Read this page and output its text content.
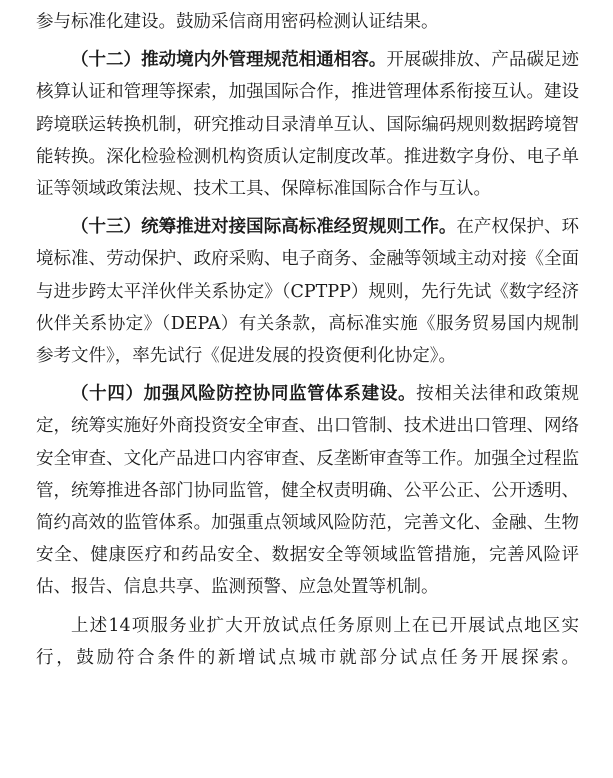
参与标准化建设。鼓励采信商用密码检测认证结果。

（十二）推动境内外管理规范相通相容。开展碳排放、产品碳足迹核算认证和管理等探索，加强国际合作，推进管理体系衔接互认。建设跨境联运转换机制，研究推动目录清单互认、国际编码规则数据跨境智能转换。深化检验检测机构资质认定制度改革。推进数字身份、电子单证等领域政策法规、技术工具、保障标准国际合作与互认。

（十三）统筹推进对接国际高标准经贸规则工作。在产权保护、环境标准、劳动保护、政府采购、电子商务、金融等领域主动对接《全面与进步跨太平洋伙伴关系协定》（CPTPP）规则，先行先试《数字经济伙伴关系协定》（DEPA）有关条款，高标准实施《服务贸易国内规制参考文件》，率先试行《促进发展的投资便利化协定》。

（十四）加强风险防控协同监管体系建设。按相关法律和政策规定，统筹实施好外商投资安全审查、出口管制、技术进出口管理、网络安全审查、文化产品进口内容审查、反垄断审查等工作。加强全过程监管，统筹推进各部门协同监管，健全权责明确、公平公正、公开透明、简约高效的监管体系。加强重点领域风险防范，完善文化、金融、生物安全、健康医疗和药品安全、数据安全等领域监管措施，完善风险评估、报告、信息共享、监测预警、应急处置等机制。

上述14项服务业扩大开放试点任务原则上在已开展试点地区实行，鼓励符合条件的新增试点城市就部分试点任务开展探索。
